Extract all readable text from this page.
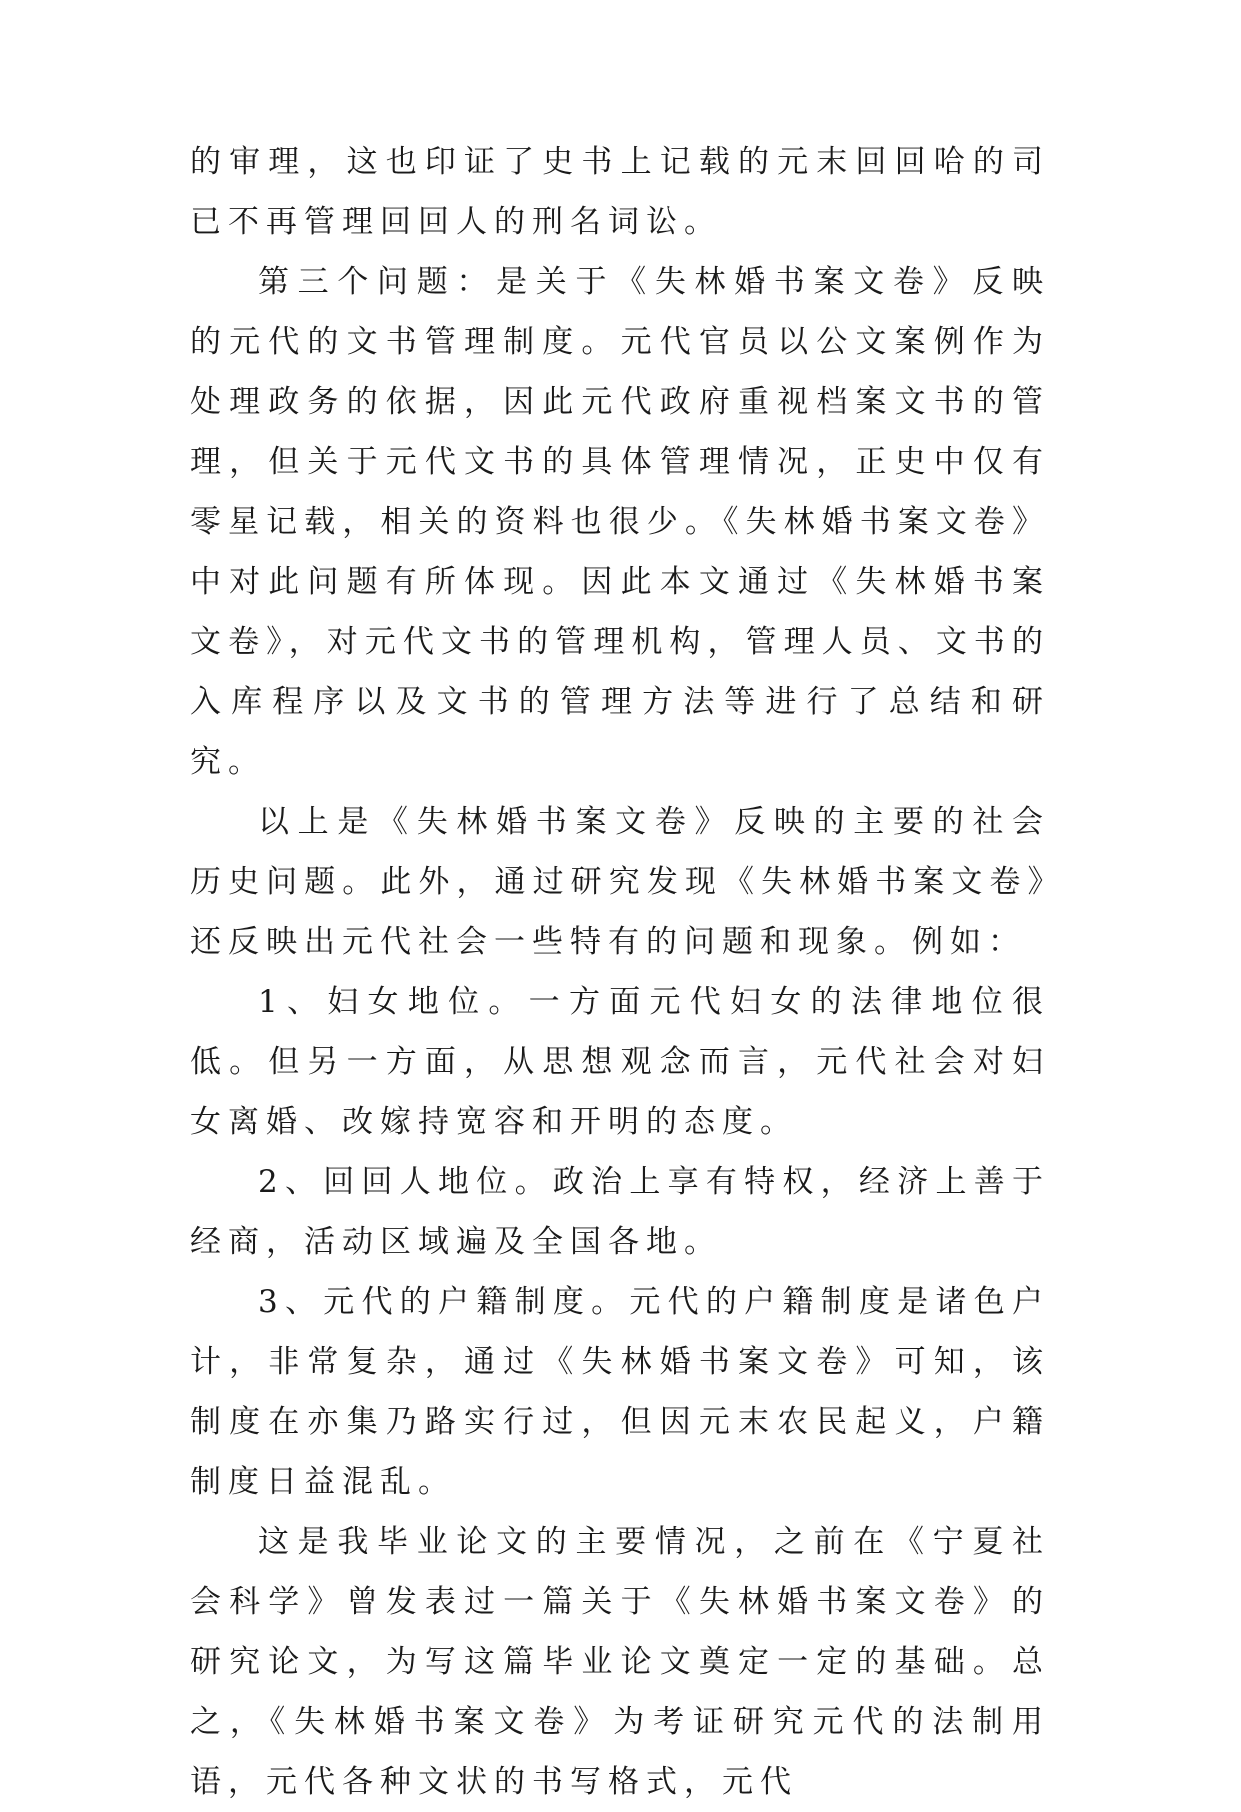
的审理，这也印证了史书上记载的元末回回哈的司已不再管理回回人的刑名词讼。

第三个问题：是关于《失林婚书案文卷》反映的元代的文书管理制度。元代官员以公文案例作为处理政务的依据，因此元代政府重视档案文书的管理，但关于元代文书的具体管理情况，正史中仅有零星记载，相关的资料也很少。《失林婚书案文卷》中对此问题有所体现。因此本文通过《失林婚书案文卷》，对元代文书的管理机构，管理人员、文书的入库程序以及文书的管理方法等进行了总结和研究。

以上是《失林婚书案文卷》反映的主要的社会历史问题。此外，通过研究发现《失林婚书案文卷》还反映出元代社会一些特有的问题和现象。例如：

1、妇女地位。一方面元代妇女的法律地位很低。但另一方面，从思想观念而言，元代社会对妇女离婚、改嫁持宽容和开明的态度。

2、回回人地位。政治上享有特权，经济上善于经商，活动区域遍及全国各地。

3、元代的户籍制度。元代的户籍制度是诸色户计，非常复杂，通过《失林婚书案文卷》可知，该制度在亦集乃路实行过，但因元末农民起义，户籍制度日益混乱。

这是我毕业论文的主要情况，之前在《宁夏社会科学》曾发表过一篇关于《失林婚书案文卷》的研究论文，为写这篇毕业论文奠定一定的基础。总之，《失林婚书案文卷》为考证研究元代的法制用语，元代各种文状的书写格式，元代
